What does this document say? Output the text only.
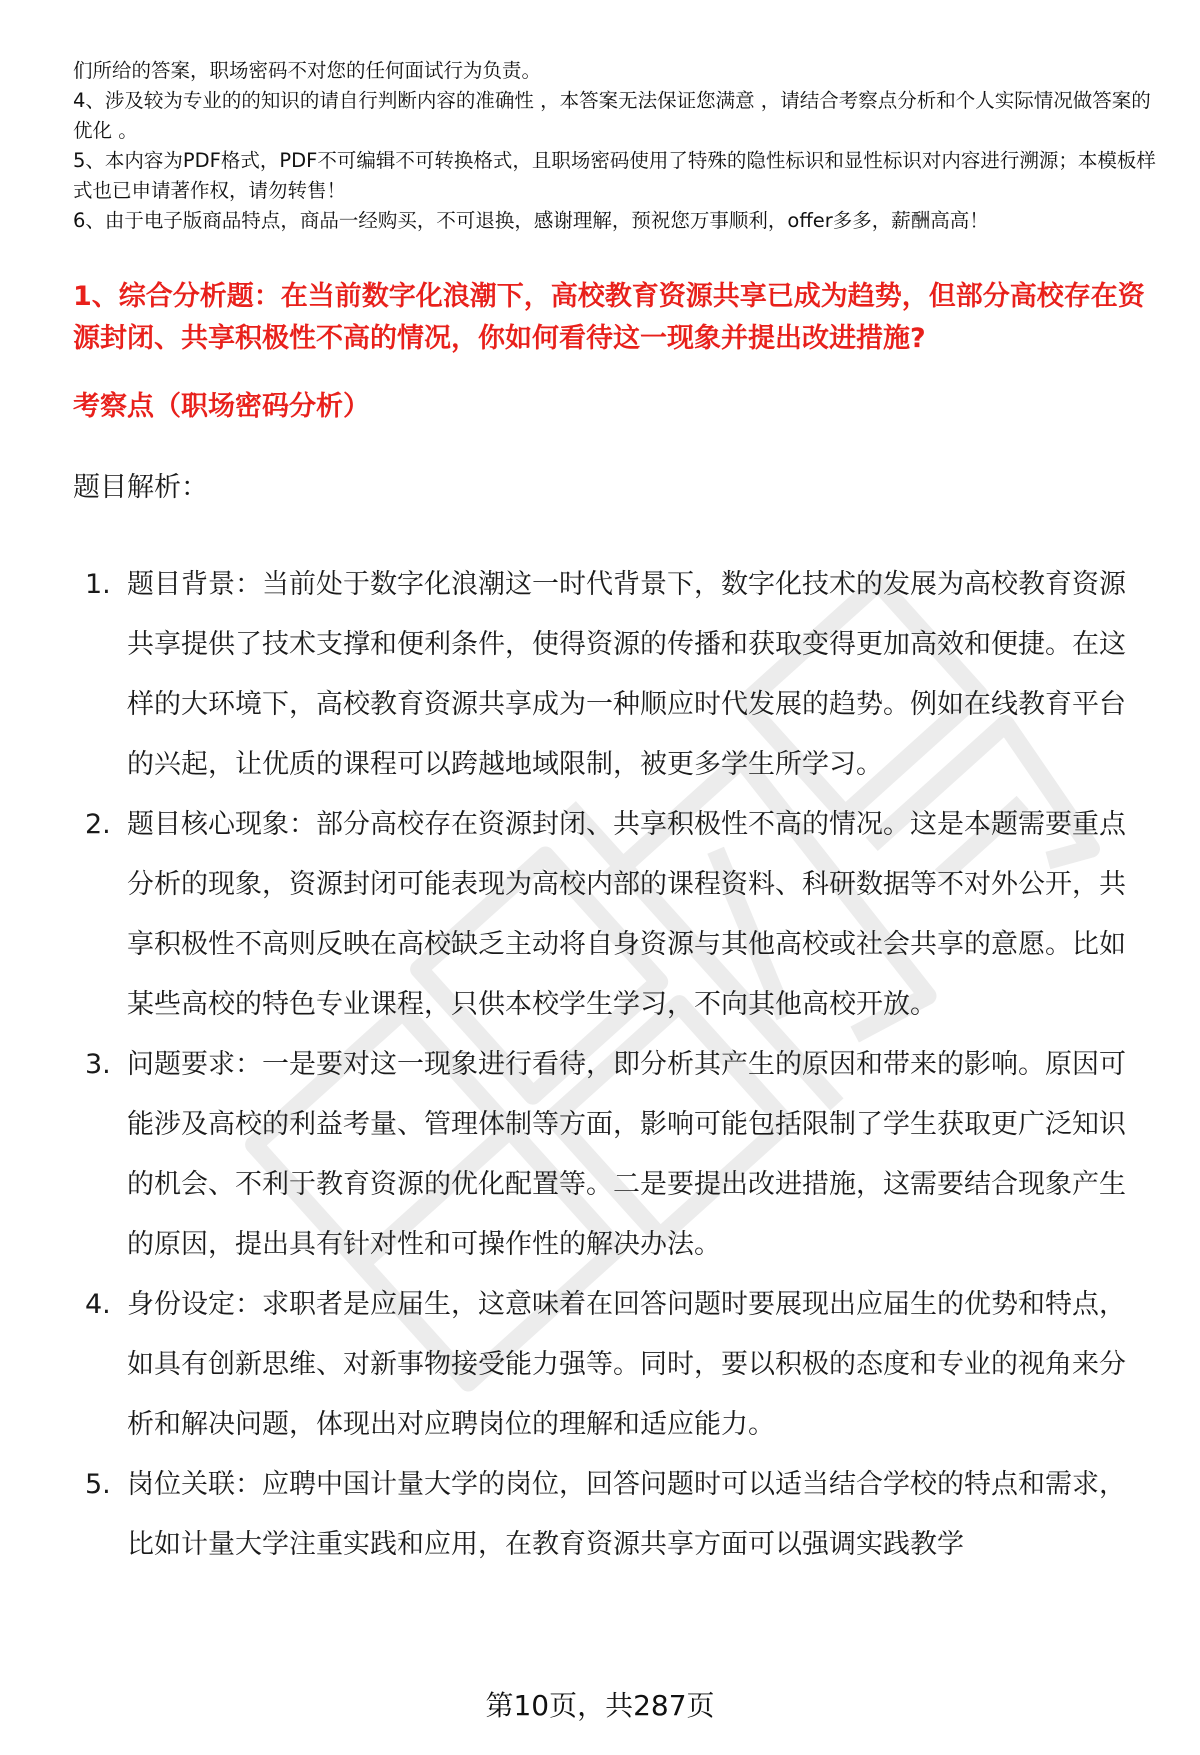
们所给的答案，职场密码不对您的任何面试行为负责。

4、涉及较为专业的的知识的请自行判断内容的准确性 ，本答案无法保证您满意 ，请结合考察点分析和个人实际情况做答案的优化 。

5、本内容为PDF格式，PDF不可编辑不可转换格式，且职场密码使用了特殊的隐性标识和显性标识对内容进行溯源；本模板样式也已申请著作权，请勿转售！

6、由于电子版商品特点，商品一经购买，不可退换，感谢理解，预祝您万事顺利，offer多多，薪酬高高！

1、综合分析题：在当前数字化浪潮下，高校教育资源共享已成为趋势，但部分高校存在资源封闭、共享积极性不高的情况，你如何看待这一现象并提出改进措施?
考察点（职场密码分析）
题目解析：
1. 题目背景：当前处于数字化浪潮这一时代背景下，数字化技术的发展为高校教育资源共享提供了技术支撑和便利条件，使得资源的传播和获取变得更加高效和便捷。在这样的大环境下，高校教育资源共享成为一种顺应时代发展的趋势。例如在线教育平台的兴起，让优质的课程可以跨越地域限制，被更多学生所学习。
2. 题目核心现象：部分高校存在资源封闭、共享积极性不高的情况。这是本题需要重点分析的现象，资源封闭可能表现为高校内部的课程资料、科研数据等不对外公开，共享积极性不高则反映在高校缺乏主动将自身资源与其他高校或社会共享的意愿。比如某些高校的特色专业课程，只供本校学生学习，不向其他高校开放。
3. 问题要求：一是要对这一现象进行看待，即分析其产生的原因和带来的影响。原因可能涉及高校的利益考量、管理体制等方面，影响可能包括限制了学生获取更广泛知识的机会、不利于教育资源的优化配置等。二是要提出改进措施，这需要结合现象产生的原因，提出具有针对性和可操作性的解决办法。
4. 身份设定：求职者是应届生，这意味着在回答问题时要展现出应届生的优势和特点，如具有创新思维、对新事物接受能力强等。同时，要以积极的态度和专业的视角来分析和解决问题，体现出对应聘岗位的理解和适应能力。
5. 岗位关联：应聘中国计量大学的岗位，回答问题时可以适当结合学校的特点和需求，比如计量大学注重实践和应用，在教育资源共享方面可以强调实践教学
第10页，共287页
